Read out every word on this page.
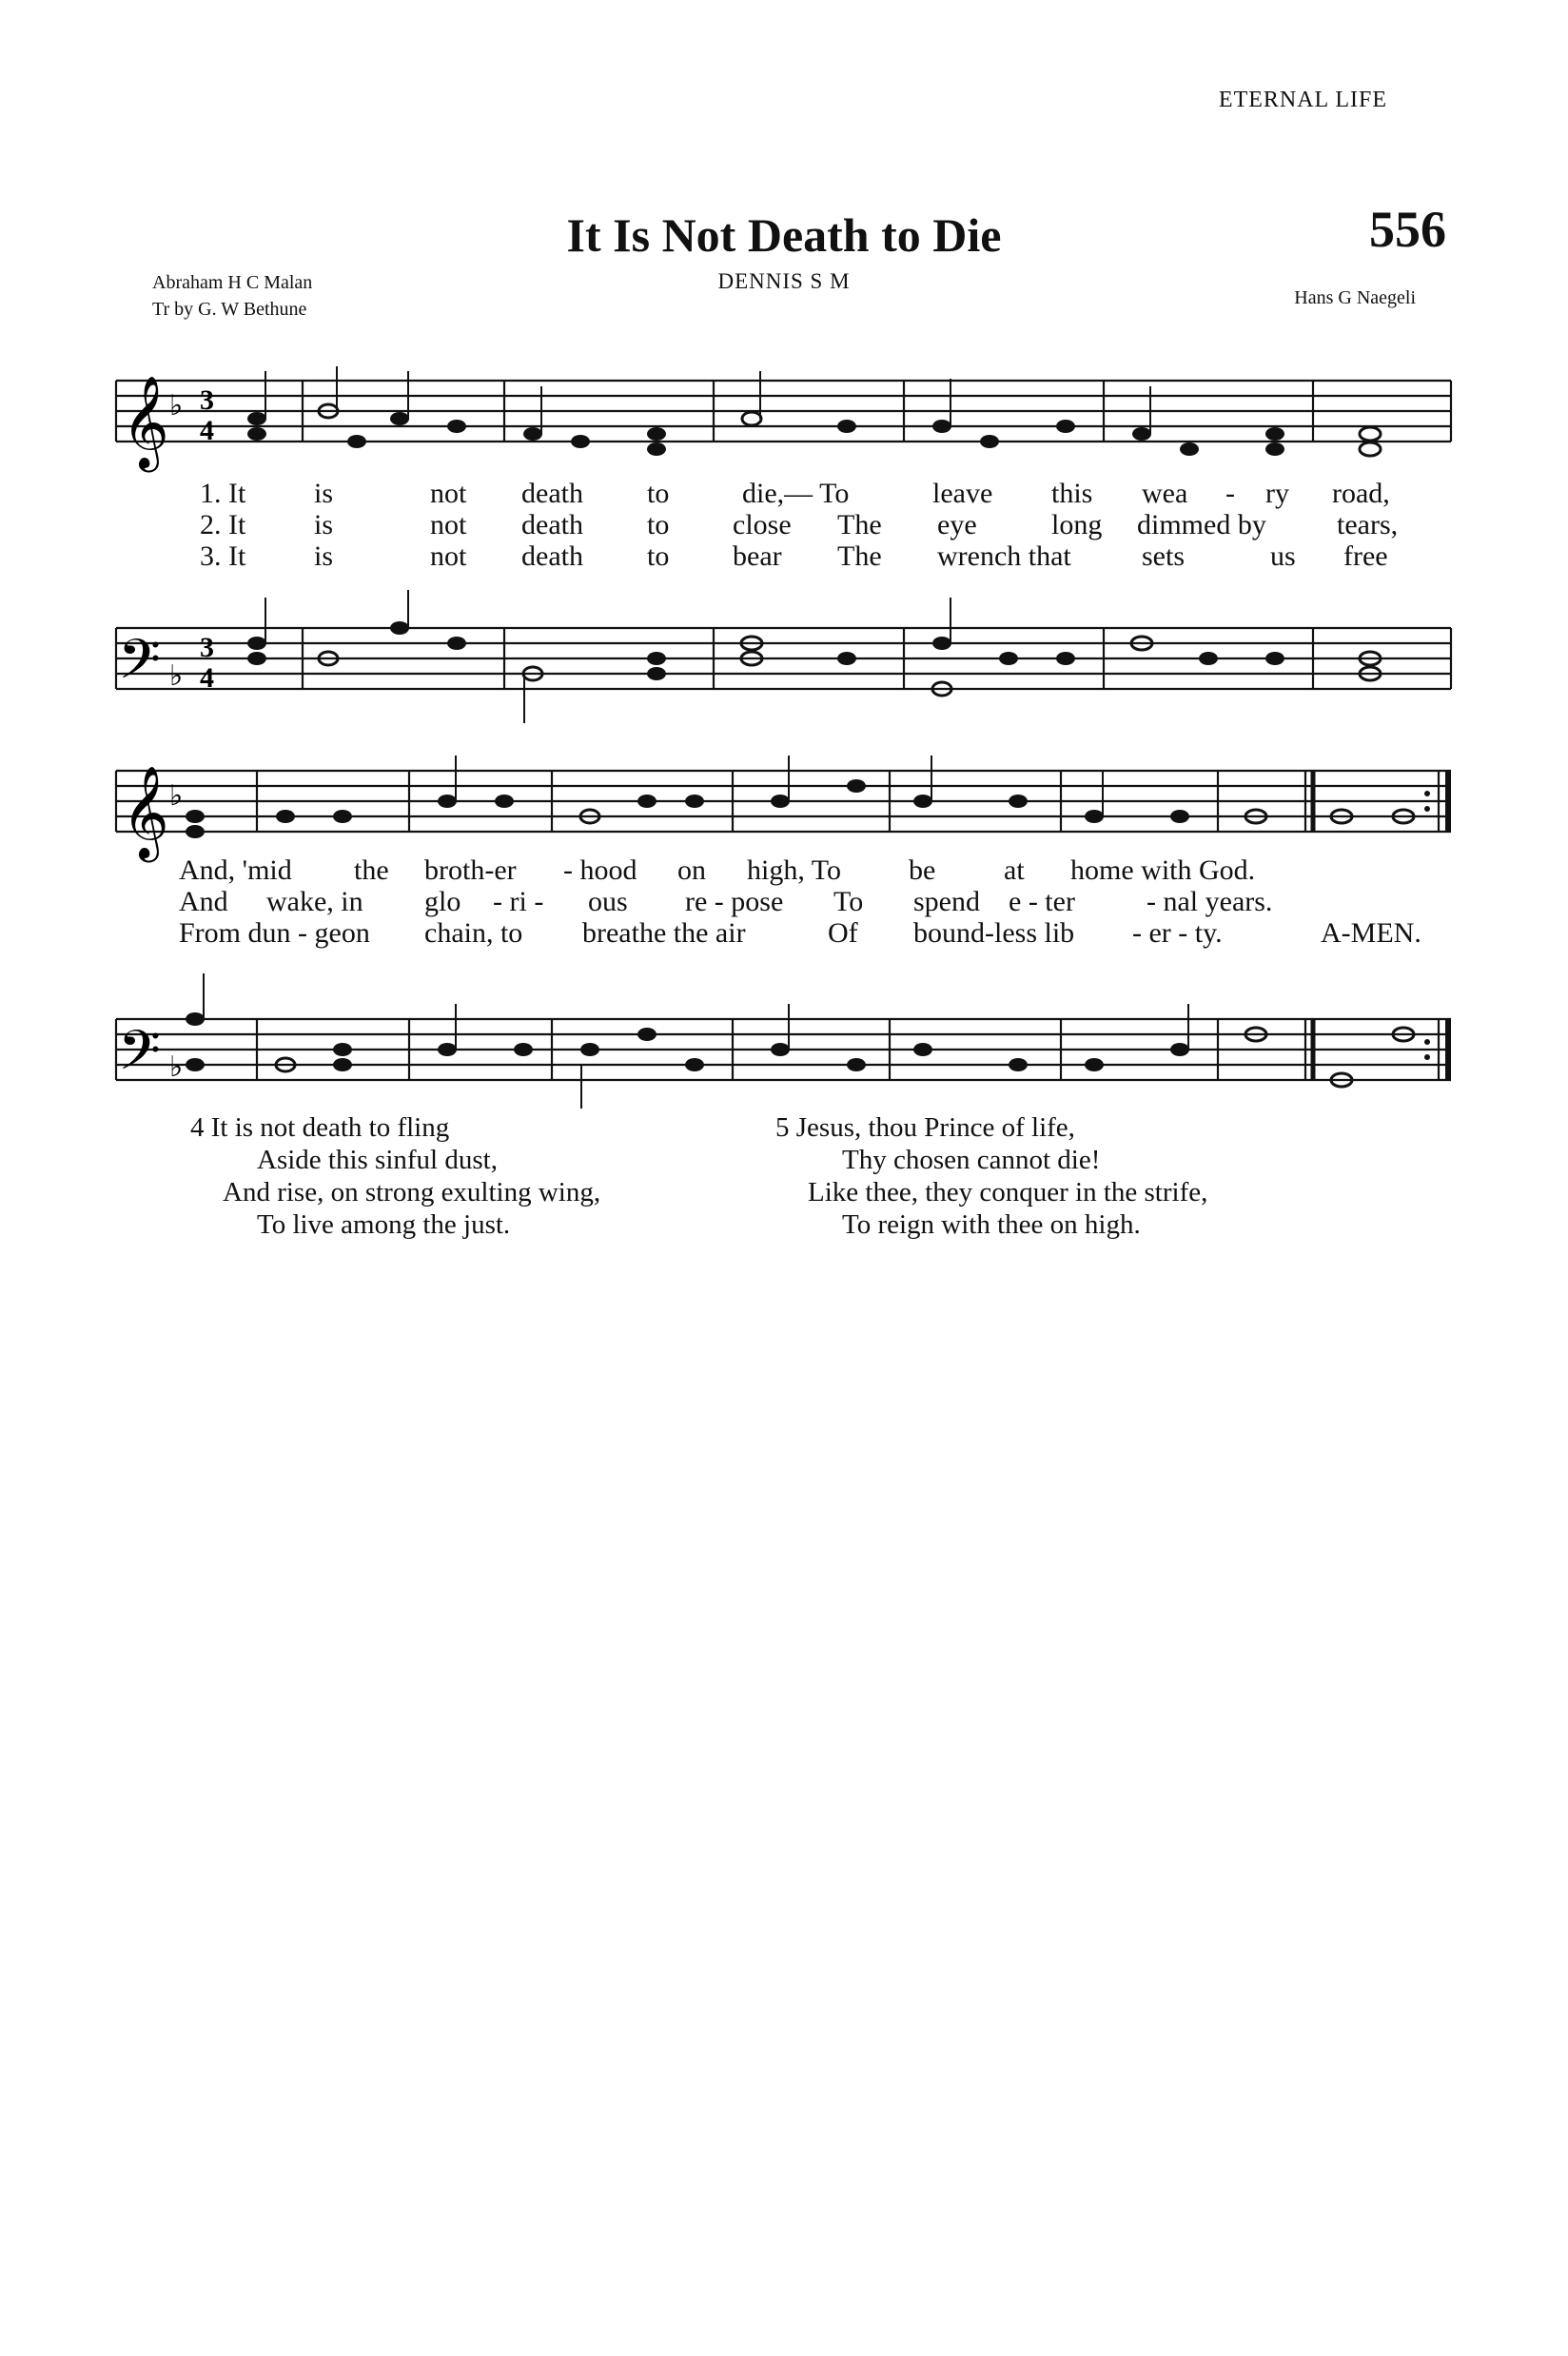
ETERNAL LIFE
It Is Not Death to Die	556
Abraham H C Malan
Tr by G. W Bethune
DENNIS S M
Hans G Naegeli
𝄞 ♭ 3
4
1. It is	not death to	die,— To	leave this wea - ry road,
2. It is	not death to close The eye	long dimmed by tears,
3. It is	not death to bear The wrench that sets	us free
𝄢 ♭
3
4
𝄞 ♭
And, 'mid the broth-er - hood on high, To be at home with God.
And wake, in glo - ri - ous re - pose To spend e - ter	- nal years.
From dun - geon chain, to breathe the air	Of bound-less lib - er - ty.	A-MEN.
𝄢 ♭
4 It is not death to fling
Aside this sinful dust,
And rise, on strong exulting wing,
To live among the just.
5 Jesus, thou Prince of life,
Thy chosen cannot die!
Like thee, they conquer in the strife,
To reign with thee on high.
